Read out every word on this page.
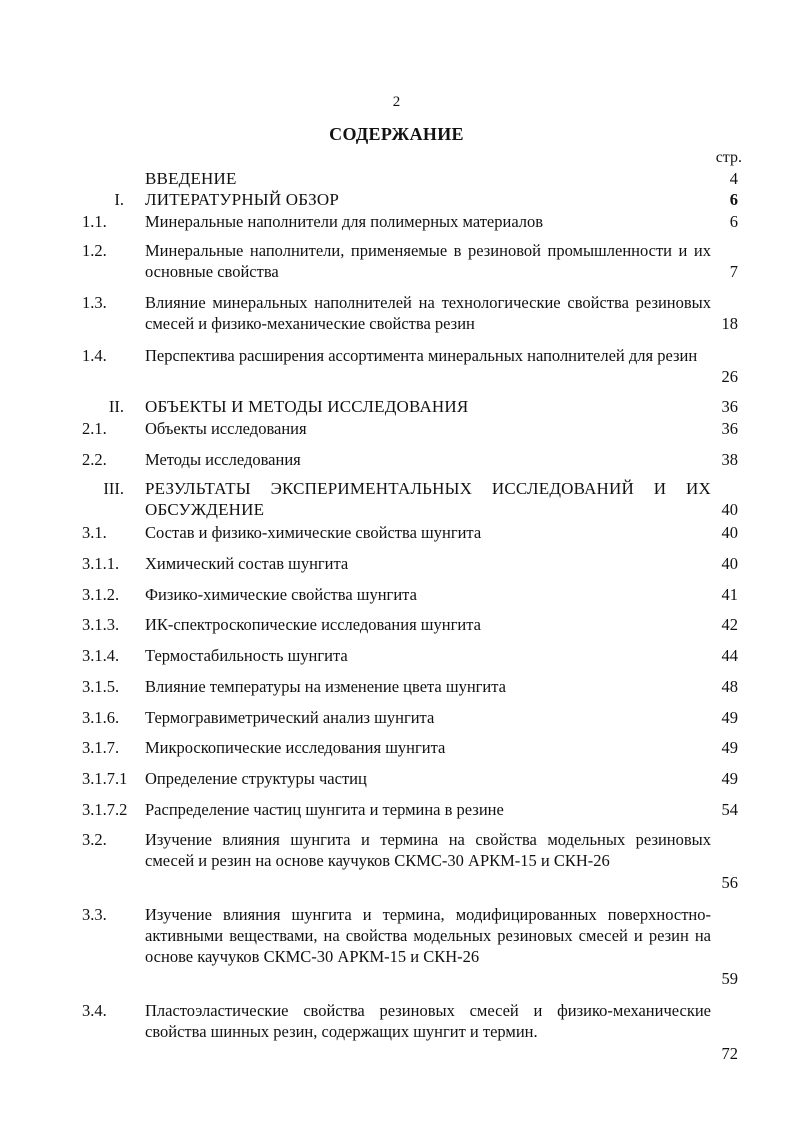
2
СОДЕРЖАНИЕ
стр.
ВВЕДЕНИЕ	4
I. ЛИТЕРАТУРНЫЙ ОБЗОР	6
1.1.	Минеральные наполнители для полимерных материалов	6
1.2.	Минеральные наполнители, применяемые в резиновой промышленности и их основные свойства	7
1.3.	Влияние минеральных наполнителей на технологические свойства резиновых смесей и физико-механические свойства резин	18
1.4.	Перспектива расширения ассортимента минеральных наполнителей для резин
26
II. ОБЪЕКТЫ И МЕТОДЫ ИССЛЕДОВАНИЯ	36
2.1.	Объекты исследования	36
2.2.	Методы исследования	38
III. РЕЗУЛЬТАТЫ ЭКСПЕРИМЕНТАЛЬНЫХ ИССЛЕДОВАНИЙ И ИХ ОБСУЖДЕНИЕ	40
3.1.	Состав и физико-химические свойства шунгита	40
3.1.1.	Химический состав шунгита	40
3.1.2.	Физико-химические свойства шунгита	41
3.1.3.	ИК-спектроскопические исследования шунгита	42
3.1.4.	Термостабильность шунгита	44
3.1.5.	Влияние температуры на изменение цвета шунгита	48
3.1.6.	Термогравиметрический анализ шунгита	49
3.1.7.	Микроскопические исследования шунгита	49
3.1.7.1	Определение структуры частиц	49
3.1.7.2	Распределение частиц шунгита и термина в резине	54
3.2.	Изучение влияния шунгита и термина на свойства модельных резиновых смесей и резин на основе каучуков СКМС-30 АРКМ-15 и СКН-26
56
3.3.	Изучение влияния шунгита и термина, модифицированных поверхностно-активными веществами, на свойства модельных резиновых смесей и резин на основе каучуков СКМС-30 АРКМ-15 и СКН-26
59
3.4.	Пластоэластические свойства резиновых смесей и физико-механические свойства шинных резин, содержащих шунгит и термин.
72
